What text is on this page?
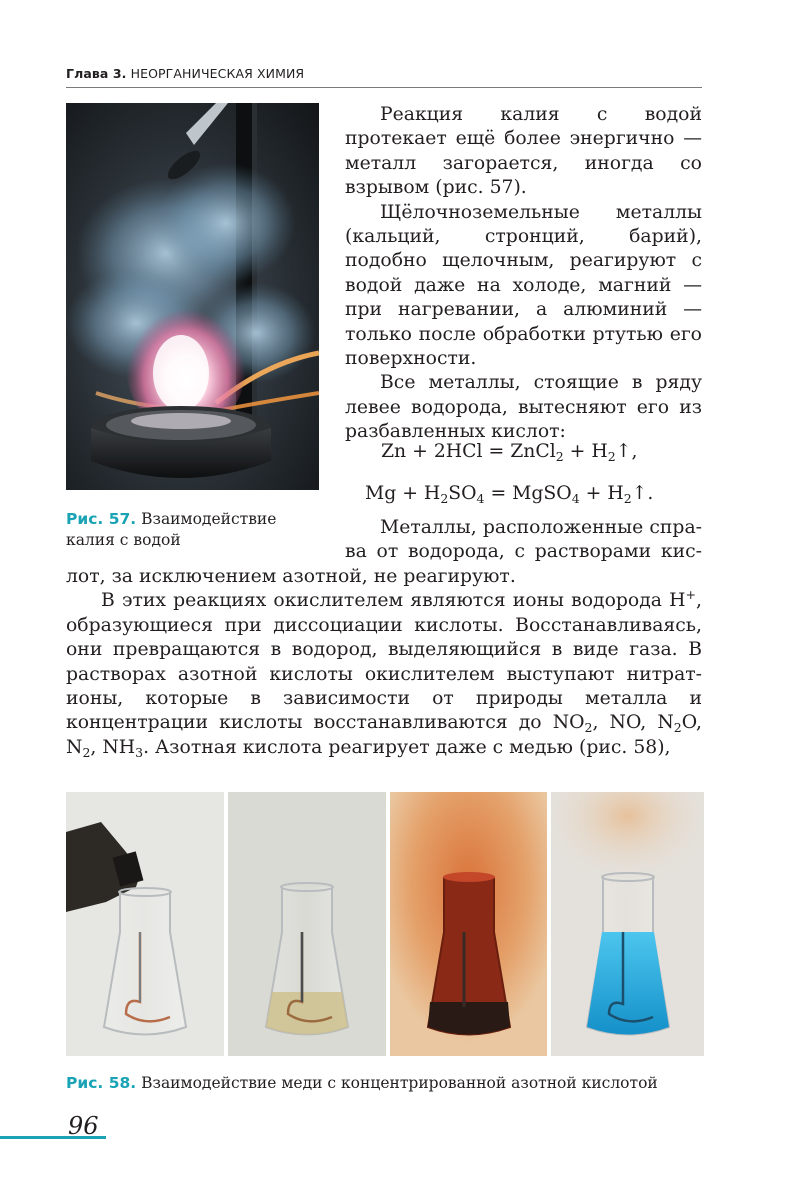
Глава 3. НЕОРГАНИЧЕСКАЯ ХИМИЯ
Рис. 57. Взаимодействие
калия с водой

Реакция калия с водой протекает ещё более энергично — металл загорается, иногда со взрывом (рис. 57).

Щёлочноземельные металлы (кальций, стронций, барий), подобно щелочным, реагируют с водой даже на холоде, магний — при нагревании, а алюминий — только после обработки ртутью его поверхности.

Все металлы, стоящие в ряду левее водорода, вытесняют его из разбавленных кислот:

Zn + 2HCl = ZnCl$_2$ + $H_2↑$,
$Mg + H_2SO_4$ = MgSO$_4$ + $H_2↑$.

Металлы, расположенные спра-

ва от водорода, с растворами кис-

лот, за исключением азотной, не реагируют.

В этих реакциях окислителем являются ионы водорода H+, образующиеся при диссоциации кислоты. Восстанавливаясь, они превращаются в водород, выделяющийся в виде газа. В растворах азотной кислоты окислителем выступают нитрат-ионы, которые в зависимости от природы металла и концентрации кислоты восстанавливаются до $NO_2$, NO, $N_2O$, $N_2$, $NH_3$. Азотная кислота реагирует даже с медью (рис. 58),

Рис. 58. Взаимодействие меди с концентрированной азотной кислотой
96
